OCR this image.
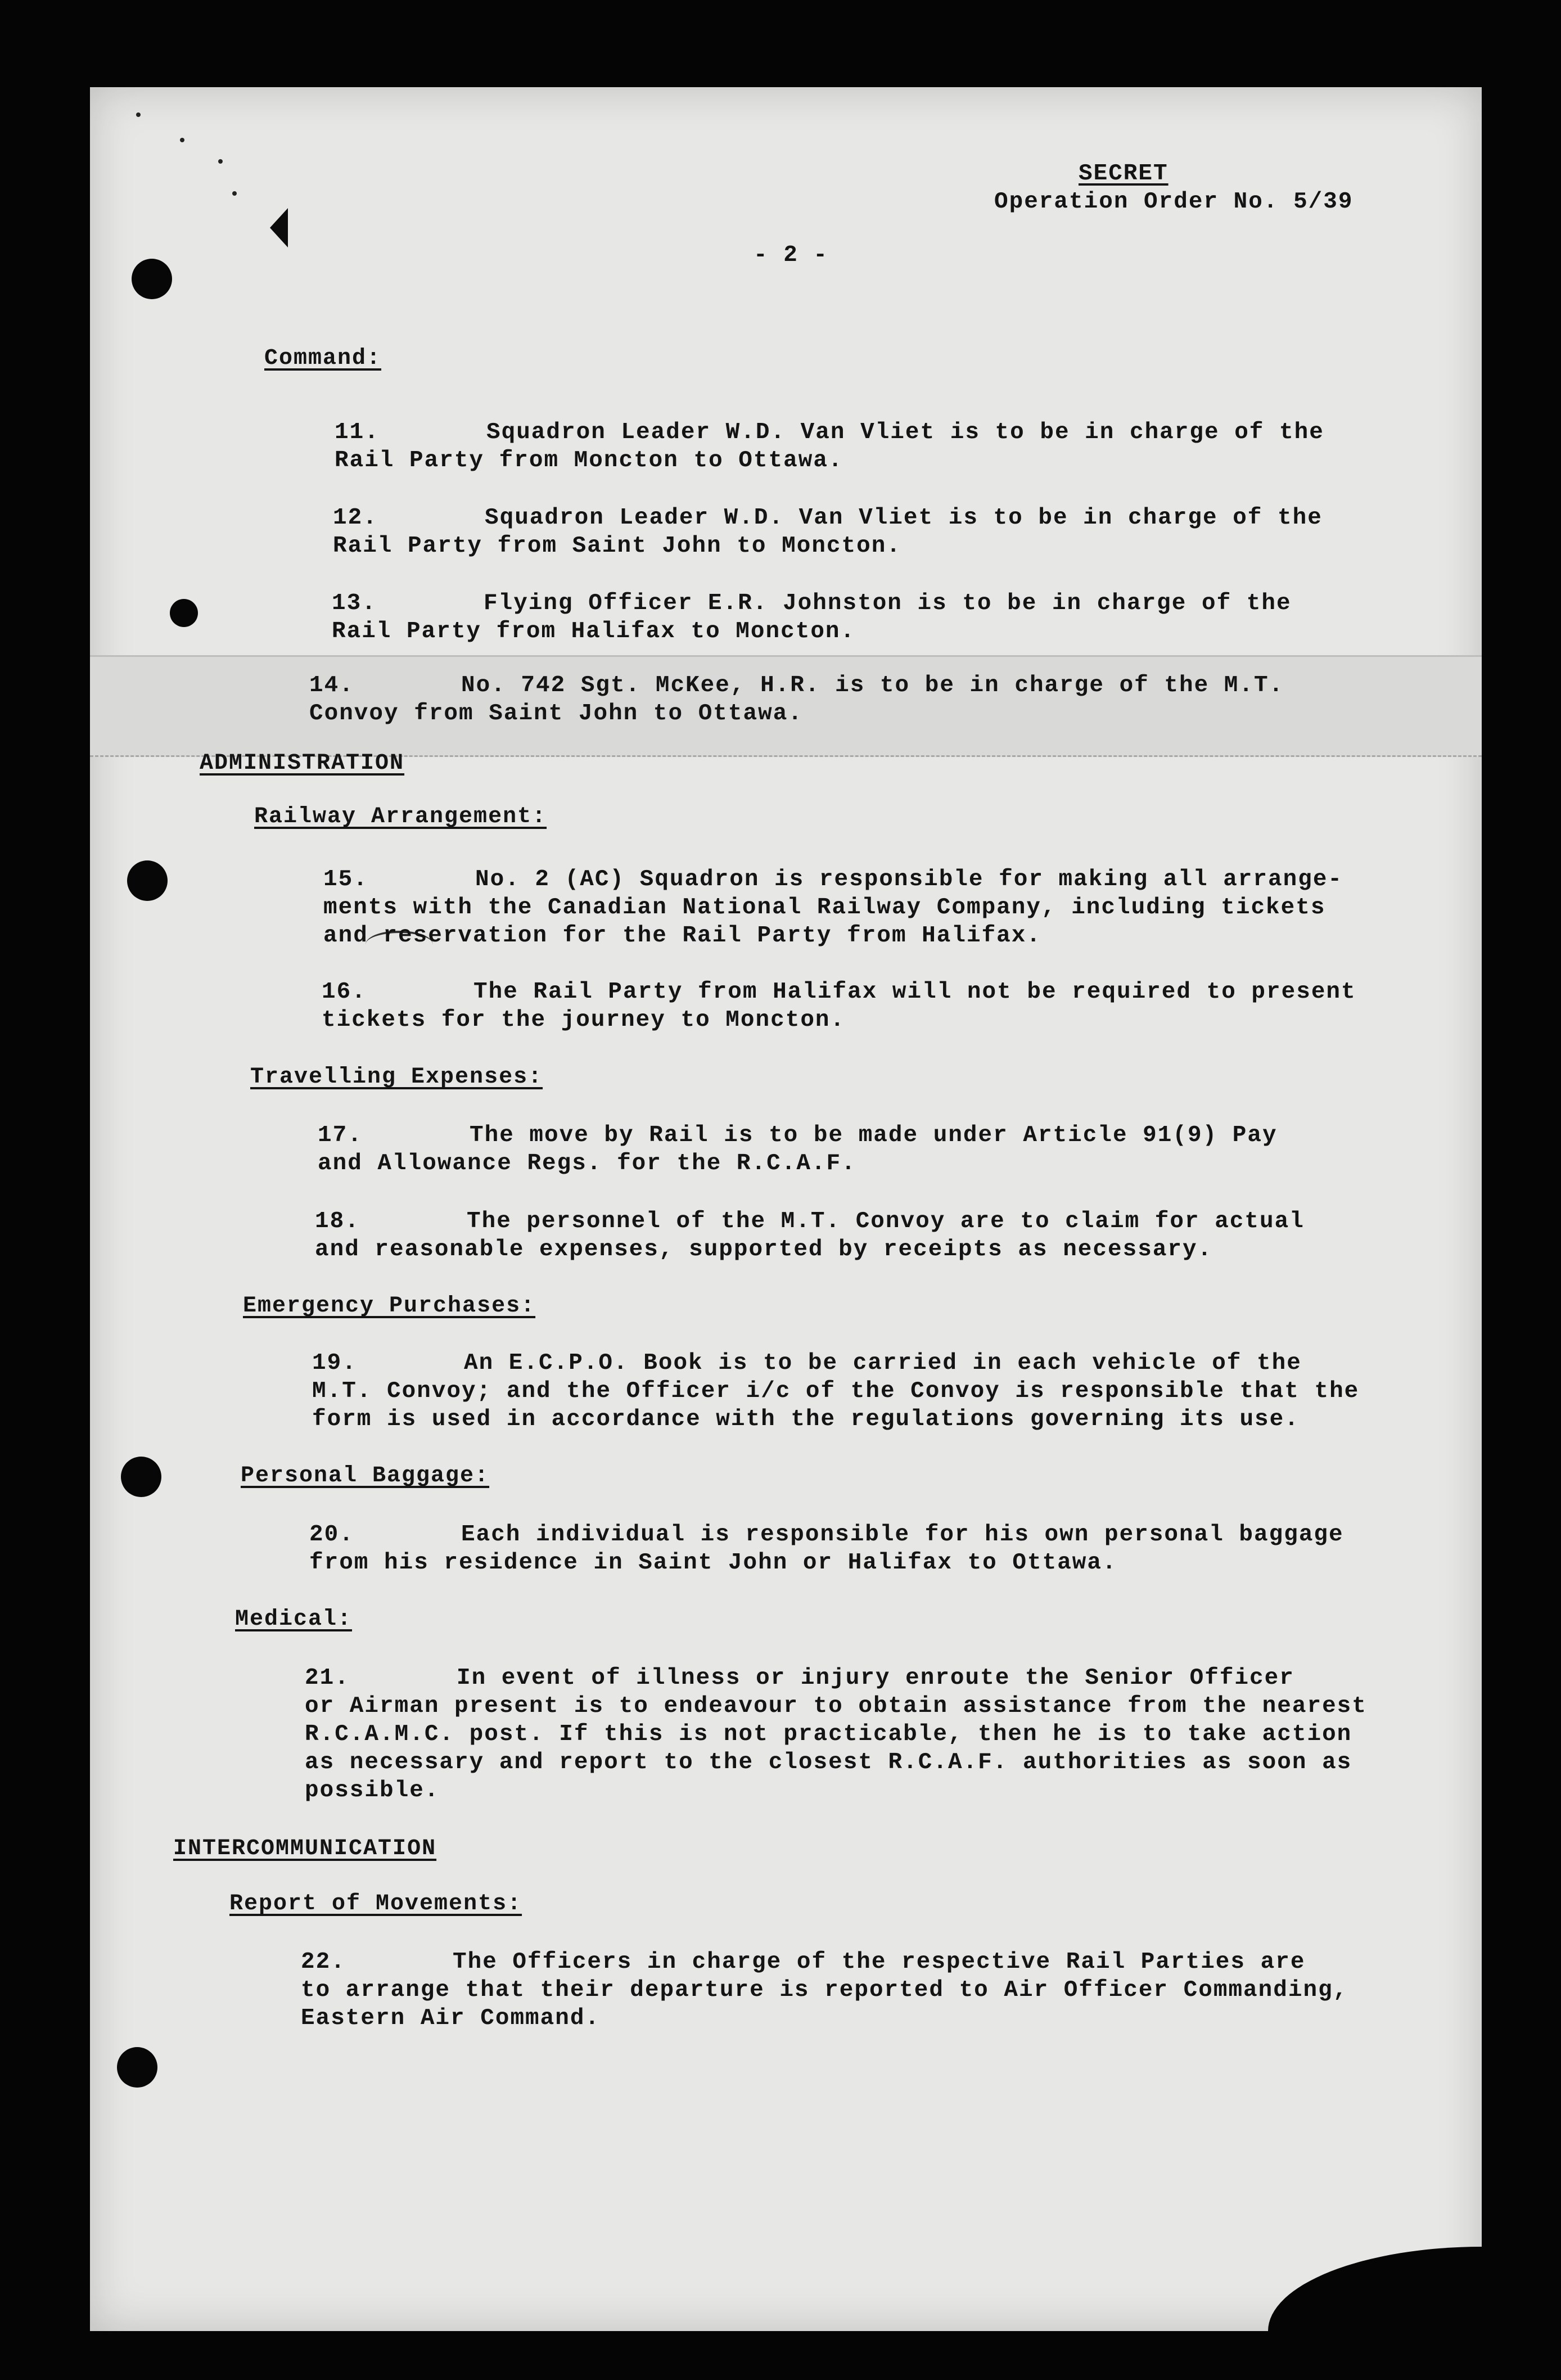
SECRET
Operation Order No. 5/39
- 2 -
Command:
11.	Squadron Leader W.D. Van Vliet is to be in charge of the
Rail Party from Moncton to Ottawa.
12.	Squadron Leader W.D. Van Vliet is to be in charge of the
Rail Party from Saint John to Moncton.
13.	Flying Officer E.R. Johnston is to be in charge of the
Rail Party from Halifax to Moncton.
14.	No. 742 Sgt. McKee, H.R. is to be in charge of the M.T.
Convoy from Saint John to Ottawa.
ADMINISTRATION
Railway Arrangement:
15.	No. 2 (AC) Squadron is responsible for making all arrange-
ments with the Canadian National Railway Company, including tickets
and reservation for the Rail Party from Halifax.
16.	The Rail Party from Halifax will not be required to present
tickets for the journey to Moncton.
Travelling Expenses:
17.	The move by Rail is to be made under Article 91(9) Pay
and Allowance Regs. for the R.C.A.F.
18.	The personnel of the M.T. Convoy are to claim for actual
and reasonable expenses, supported by receipts as necessary.
Emergency Purchases:
19.	An E.C.P.O. Book is to be carried in each vehicle of the
M.T. Convoy; and the Officer i/c of the Convoy is responsible that the
form is used in accordance with the regulations governing its use.
Personal Baggage:
20.	Each individual is responsible for his own personal baggage
from his residence in Saint John or Halifax to Ottawa.
Medical:
21.	In event of illness or injury enroute the Senior Officer
or Airman present is to endeavour to obtain assistance from the nearest
R.C.A.M.C. post. If this is not practicable, then he is to take action
as necessary and report to the closest R.C.A.F. authorities as soon as
possible.
INTERCOMMUNICATION
Report of Movements:
22.	The Officers in charge of the respective Rail Parties are
to arrange that their departure is reported to Air Officer Commanding,
Eastern Air Command.
